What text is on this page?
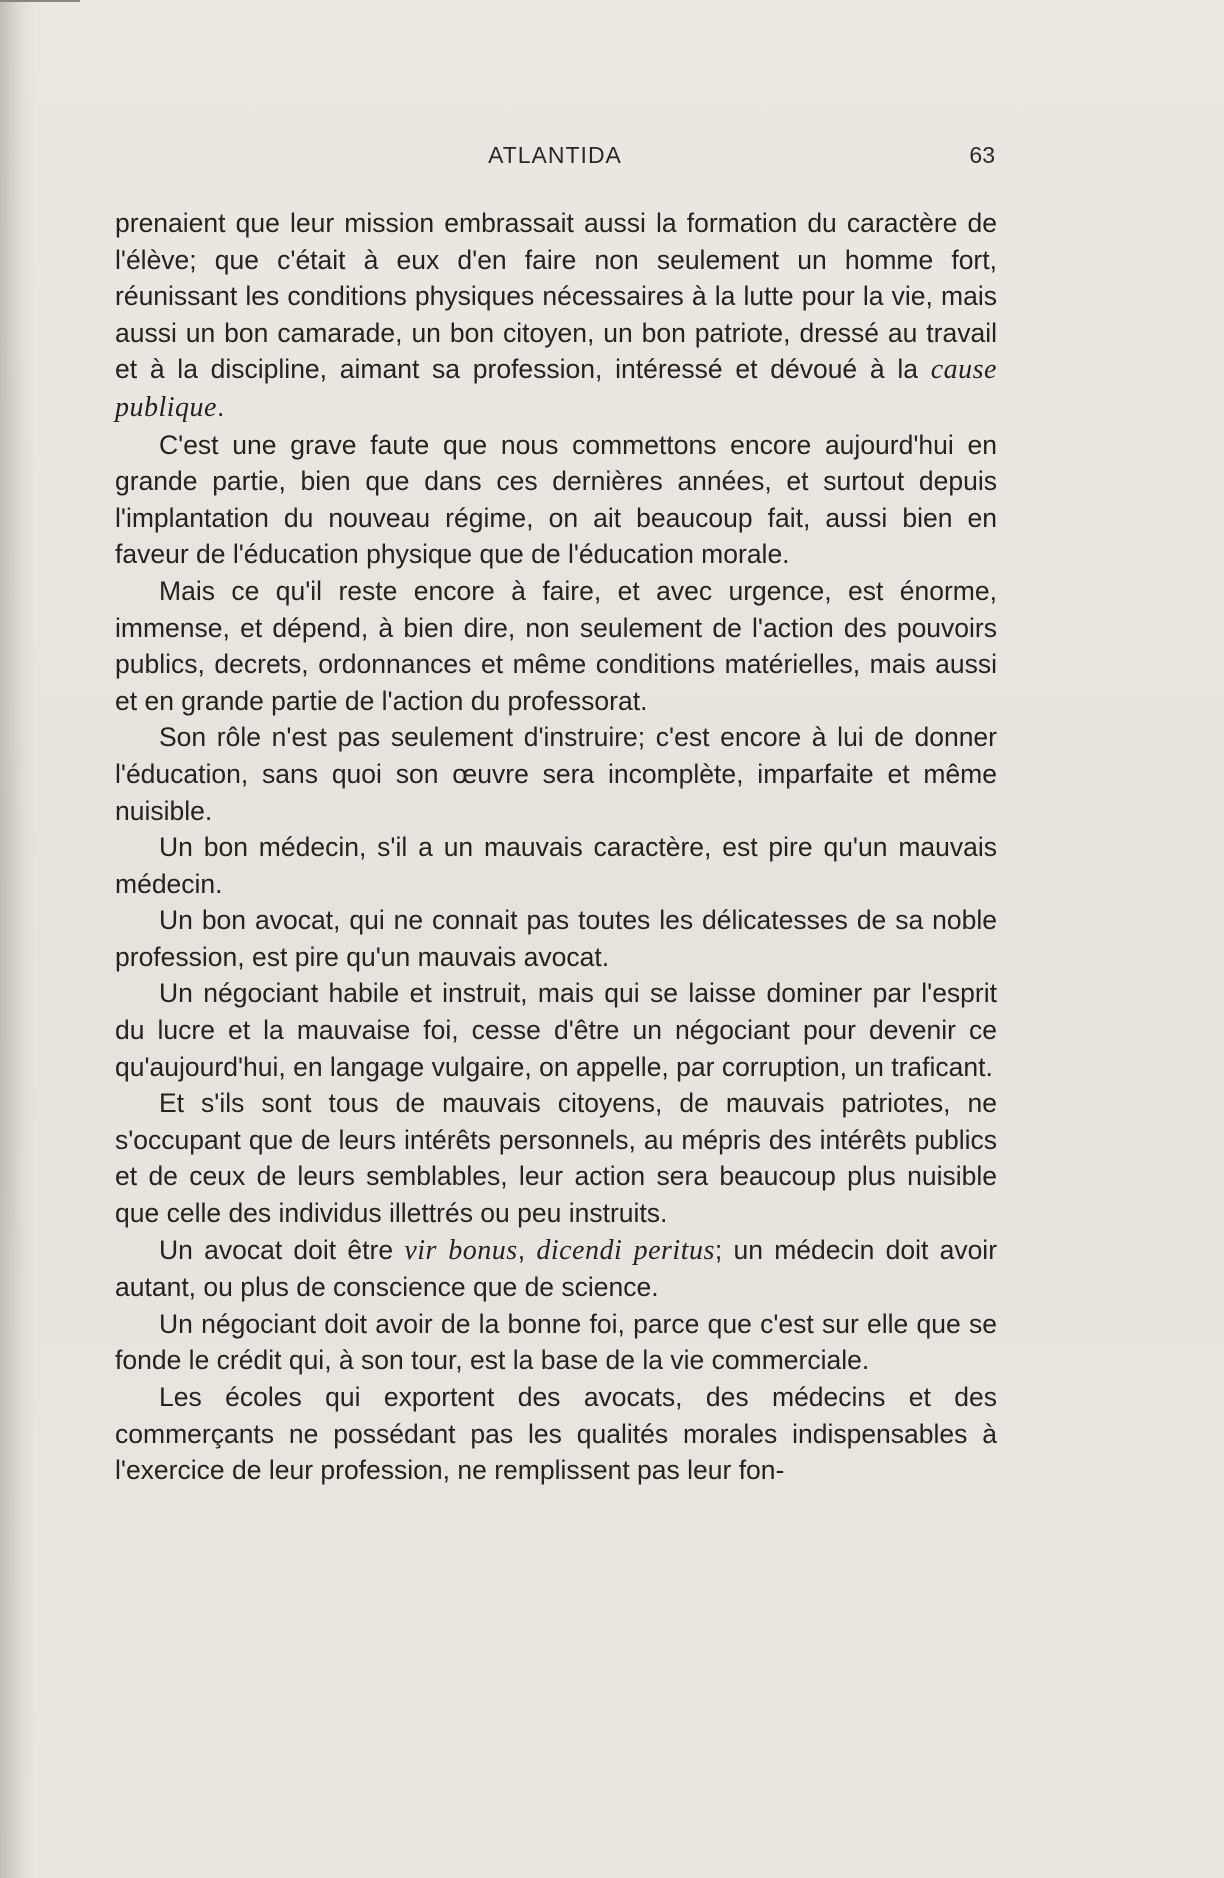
ATLANTIDA	63

prenaient que leur mission embrassait aussi la formation du caractère de l'élève; que c'était à eux d'en faire non seulement un homme fort, réunissant les conditions physiques nécessaires à la lutte pour la vie, mais aussi un bon camarade, un bon citoyen, un bon patriote, dressé au travail et à la discipline, aimant sa profession, intéressé et dévoué à la cause publique.

C'est une grave faute que nous commettons encore aujourd'hui en grande partie, bien que dans ces dernières années, et surtout depuis l'implantation du nouveau régime, on ait beaucoup fait, aussi bien en faveur de l'éducation physique que de l'éducation morale.

Mais ce qu'il reste encore à faire, et avec urgence, est énorme, immense, et dépend, à bien dire, non seulement de l'action des pouvoirs publics, decrets, ordonnances et même conditions matérielles, mais aussi et en grande partie de l'action du professorat.

Son rôle n'est pas seulement d'instruire; c'est encore à lui de donner l'éducation, sans quoi son œuvre sera incomplète, imparfaite et même nuisible.

Un bon médecin, s'il a un mauvais caractère, est pire qu'un mauvais médecin.

Un bon avocat, qui ne connait pas toutes les délicatesses de sa noble profession, est pire qu'un mauvais avocat.

Un négociant habile et instruit, mais qui se laisse dominer par l'esprit du lucre et la mauvaise foi, cesse d'être un négociant pour devenir ce qu'aujourd'hui, en langage vulgaire, on appelle, par corruption, un traficant.

Et s'ils sont tous de mauvais citoyens, de mauvais patriotes, ne s'occupant que de leurs intérêts personnels, au mépris des intérêts publics et de ceux de leurs semblables, leur action sera beaucoup plus nuisible que celle des individus illettrés ou peu instruits.

Un avocat doit être vir bonus, dicendi peritus; un médecin doit avoir autant, ou plus de conscience que de science.

Un négociant doit avoir de la bonne foi, parce que c'est sur elle que se fonde le crédit qui, à son tour, est la base de la vie commerciale.

Les écoles qui exportent des avocats, des médecins et des commerçants ne possédant pas les qualités morales indispensables à l'exercice de leur profession, ne remplissent pas leur fon-
